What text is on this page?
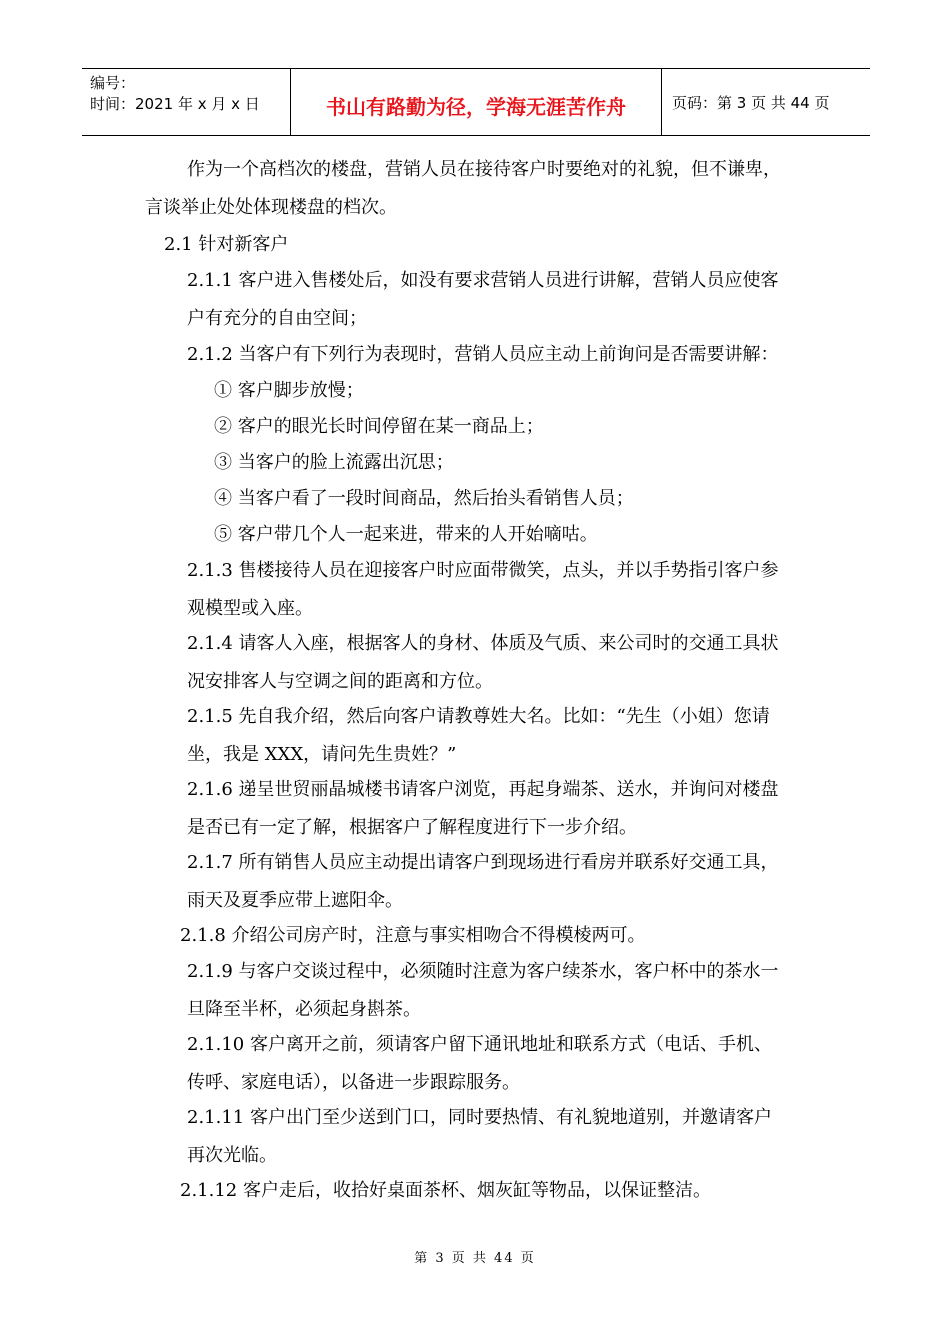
编号：
时间：2021 年 x 月 x 日	书山有路勤为径，学海无涯苦作舟	页码：第 3 页 共 44 页
作为一个高档次的楼盘，营销人员在接待客户时要绝对的礼貌，但不谦卑，
言谈举止处处体现楼盘的档次。
2.1 针对新客户
2.1.1 客户进入售楼处后，如没有要求营销人员进行讲解，营销人员应使客
户有充分的自由空间；
2.1.2 当客户有下列行为表现时，营销人员应主动上前询问是否需要讲解：
① 客户脚步放慢；
② 客户的眼光长时间停留在某一商品上；
③ 当客户的脸上流露出沉思；
④ 当客户看了一段时间商品，然后抬头看销售人员；
⑤ 客户带几个人一起来进，带来的人开始嘀咕。
2.1.3 售楼接待人员在迎接客户时应面带微笑，点头，并以手势指引客户参
观模型或入座。
2.1.4 请客人入座，根据客人的身材、体质及气质、来公司时的交通工具状
况安排客人与空调之间的距离和方位。
2.1.5 先自我介绍，然后向客户请教尊姓大名。比如：“先生（小姐）您请
坐，我是 XXX，请问先生贵姓？”
2.1.6 递呈世贸丽晶城楼书请客户浏览，再起身端茶、送水，并询问对楼盘
是否已有一定了解，根据客户了解程度进行下一步介绍。
2.1.7 所有销售人员应主动提出请客户到现场进行看房并联系好交通工具，
雨天及夏季应带上遮阳伞。
2.1.8 介绍公司房产时，注意与事实相吻合不得模棱两可。
2.1.9 与客户交谈过程中，必须随时注意为客户续茶水，客户杯中的茶水一
旦降至半杯，必须起身斟茶。
2.1.10 客户离开之前，须请客户留下通讯地址和联系方式（电话、手机、
传呼、家庭电话），以备进一步跟踪服务。
2.1.11 客户出门至少送到门口，同时要热情、有礼貌地道别，并邀请客户
再次光临。
2.1.12 客户走后，收拾好桌面茶杯、烟灰缸等物品，以保证整洁。
第 3 页 共 44 页
